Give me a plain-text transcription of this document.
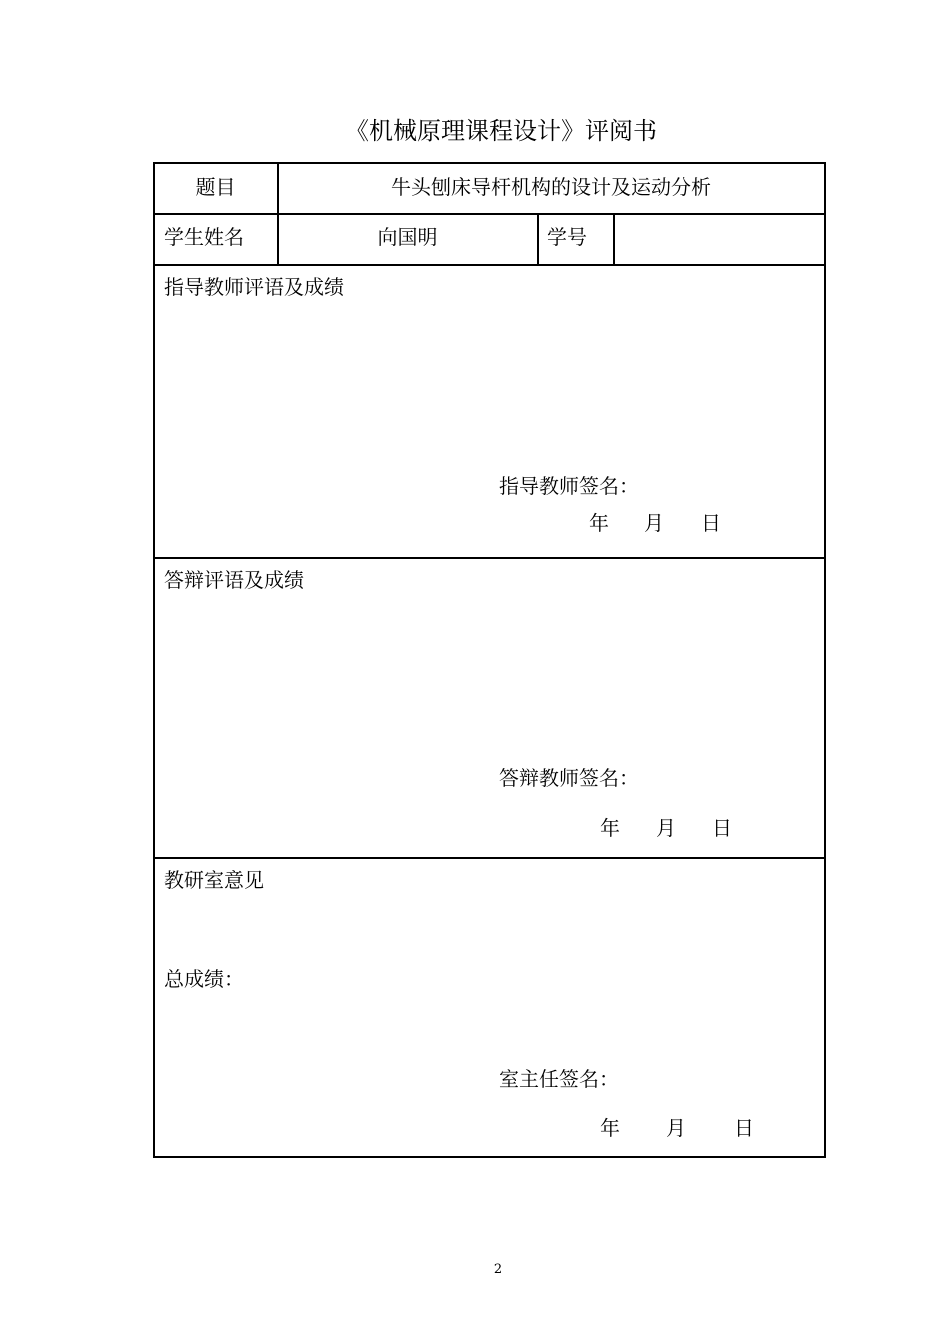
《机械原理课程设计》评阅书
题目	牛头刨床导杆机构的设计及运动分析
学生姓名	向国明	学号
指导教师评语及成绩
指导教师签名：
年 月 日
答辩评语及成绩
答辩教师签名：
年 月 日
教研室意见
总成绩：
室主任签名：
年 月 日
2
